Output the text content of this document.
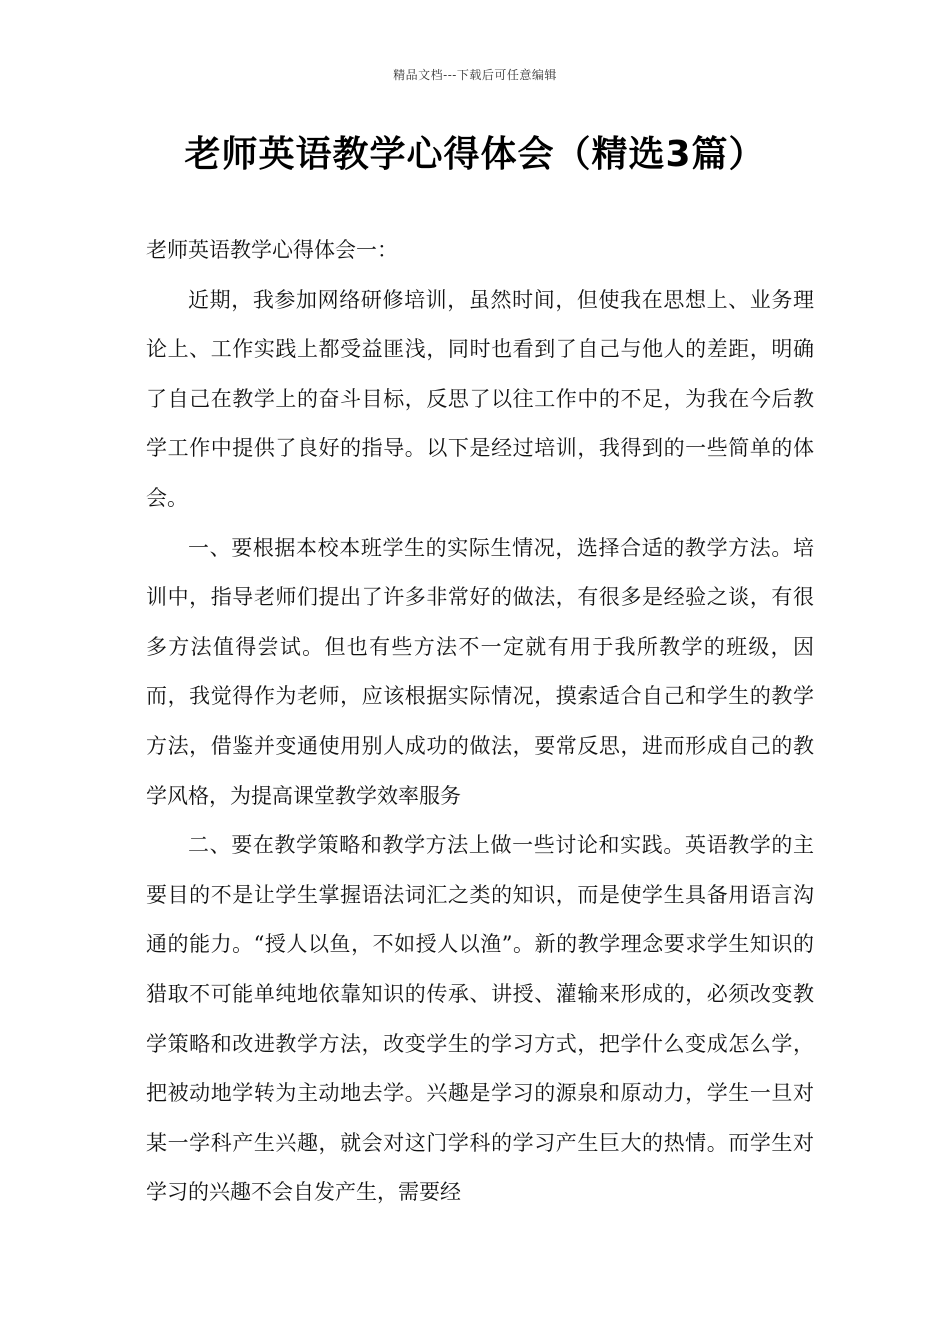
精品文档---下载后可任意编辑
老师英语教学心得体会（精选3篇）

老师英语教学心得体会一：

近期，我参加网络研修培训，虽然时间，但使我在思想上、业务理论上、工作实践上都受益匪浅，同时也看到了自己与他人的差距，明确了自己在教学上的奋斗目标，反思了以往工作中的不足，为我在今后教学工作中提供了良好的指导。以下是经过培训，我得到的一些简单的体会。

一、要根据本校本班学生的实际生情况，选择合适的教学方法。培训中，指导老师们提出了许多非常好的做法，有很多是经验之谈，有很多方法值得尝试。但也有些方法不一定就有用于我所教学的班级，因而，我觉得作为老师，应该根据实际情况，摸索适合自己和学生的教学方法，借鉴并变通使用别人成功的做法，要常反思，进而形成自己的教学风格，为提高课堂教学效率服务

二、要在教学策略和教学方法上做一些讨论和实践。英语教学的主要目的不是让学生掌握语法词汇之类的知识，而是使学生具备用语言沟通的能力。“授人以鱼，不如授人以渔”。新的教学理念要求学生知识的猎取不可能单纯地依靠知识的传承、讲授、灌输来形成的，必须改变教学策略和改进教学方法，改变学生的学习方式，把学什么变成怎么学，把被动地学转为主动地去学。兴趣是学习的源泉和原动力，学生一旦对某一学科产生兴趣，就会对这门学科的学习产生巨大的热情。而学生对学习的兴趣不会自发产生，需要经
